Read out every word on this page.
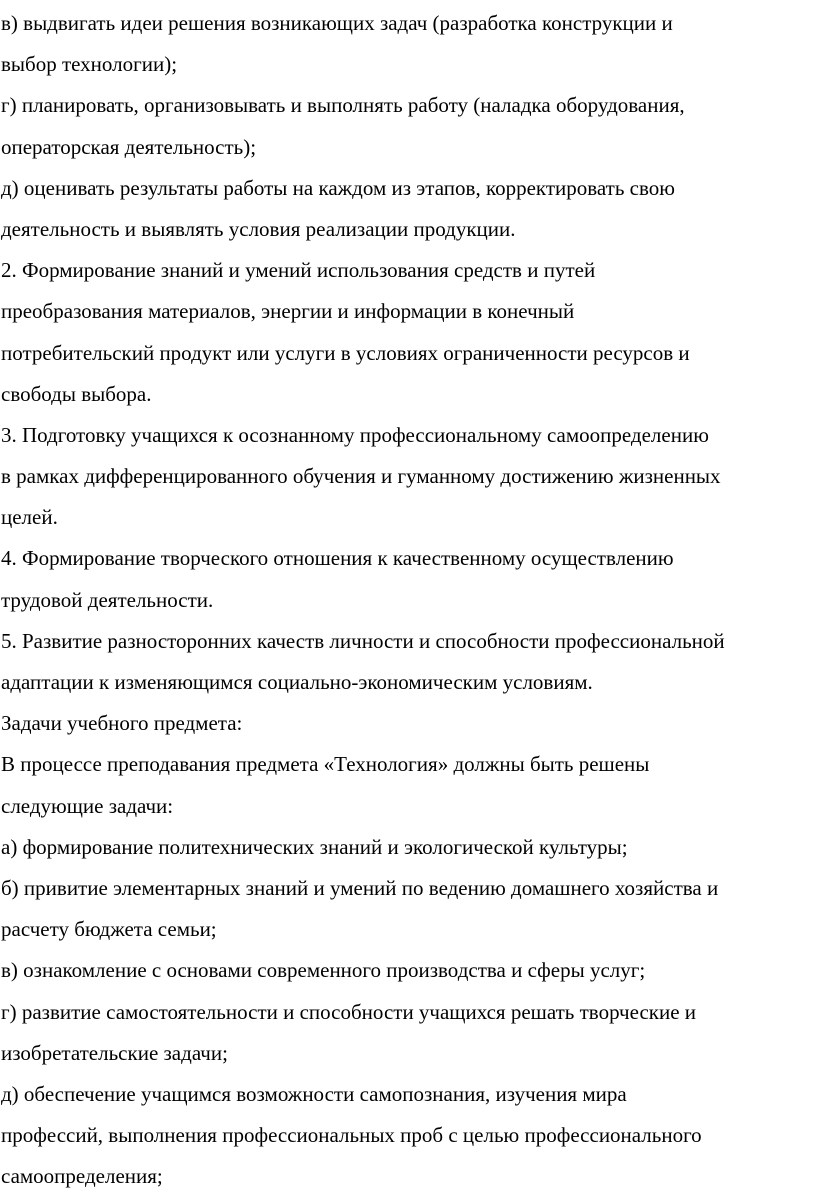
в) выдвигать идеи решения возникающих задач (разработка конструкции и
выбор технологии);
г) планировать, организовывать и выполнять работу (наладка оборудования,
операторская деятельность);
д) оценивать результаты работы на каждом из этапов, корректировать свою
деятельность и выявлять условия реализации продукции.
2. Формирование знаний и умений использования средств и путей
преобразования материалов, энергии и информации в конечный
потребительский продукт или услуги в условиях ограниченности ресурсов и
свободы выбора.
3. Подготовку учащихся к осознанному профессиональному самоопределению
в рамках дифференцированного обучения и гуманному достижению жизненных
целей.
4. Формирование творческого отношения к качественному осуществлению
трудовой деятельности.
5. Развитие разносторонних качеств личности и способности профессиональной
адаптации к изменяющимся социально-экономическим условиям.
Задачи учебного предмета:
В процессе преподавания предмета «Технология» должны быть решены
следующие задачи:
а) формирование политехнических знаний и экологической культуры;
б) привитие элементарных знаний и умений по ведению домашнего хозяйства и
расчету бюджета семьи;
в) ознакомление с основами современного производства и сферы услуг;
г) развитие самостоятельности и способности учащихся решать творческие и
изобретательские задачи;
д) обеспечение учащимся возможности самопознания, изучения мира
профессий, выполнения профессиональных проб с целью профессионального
самоопределения;
